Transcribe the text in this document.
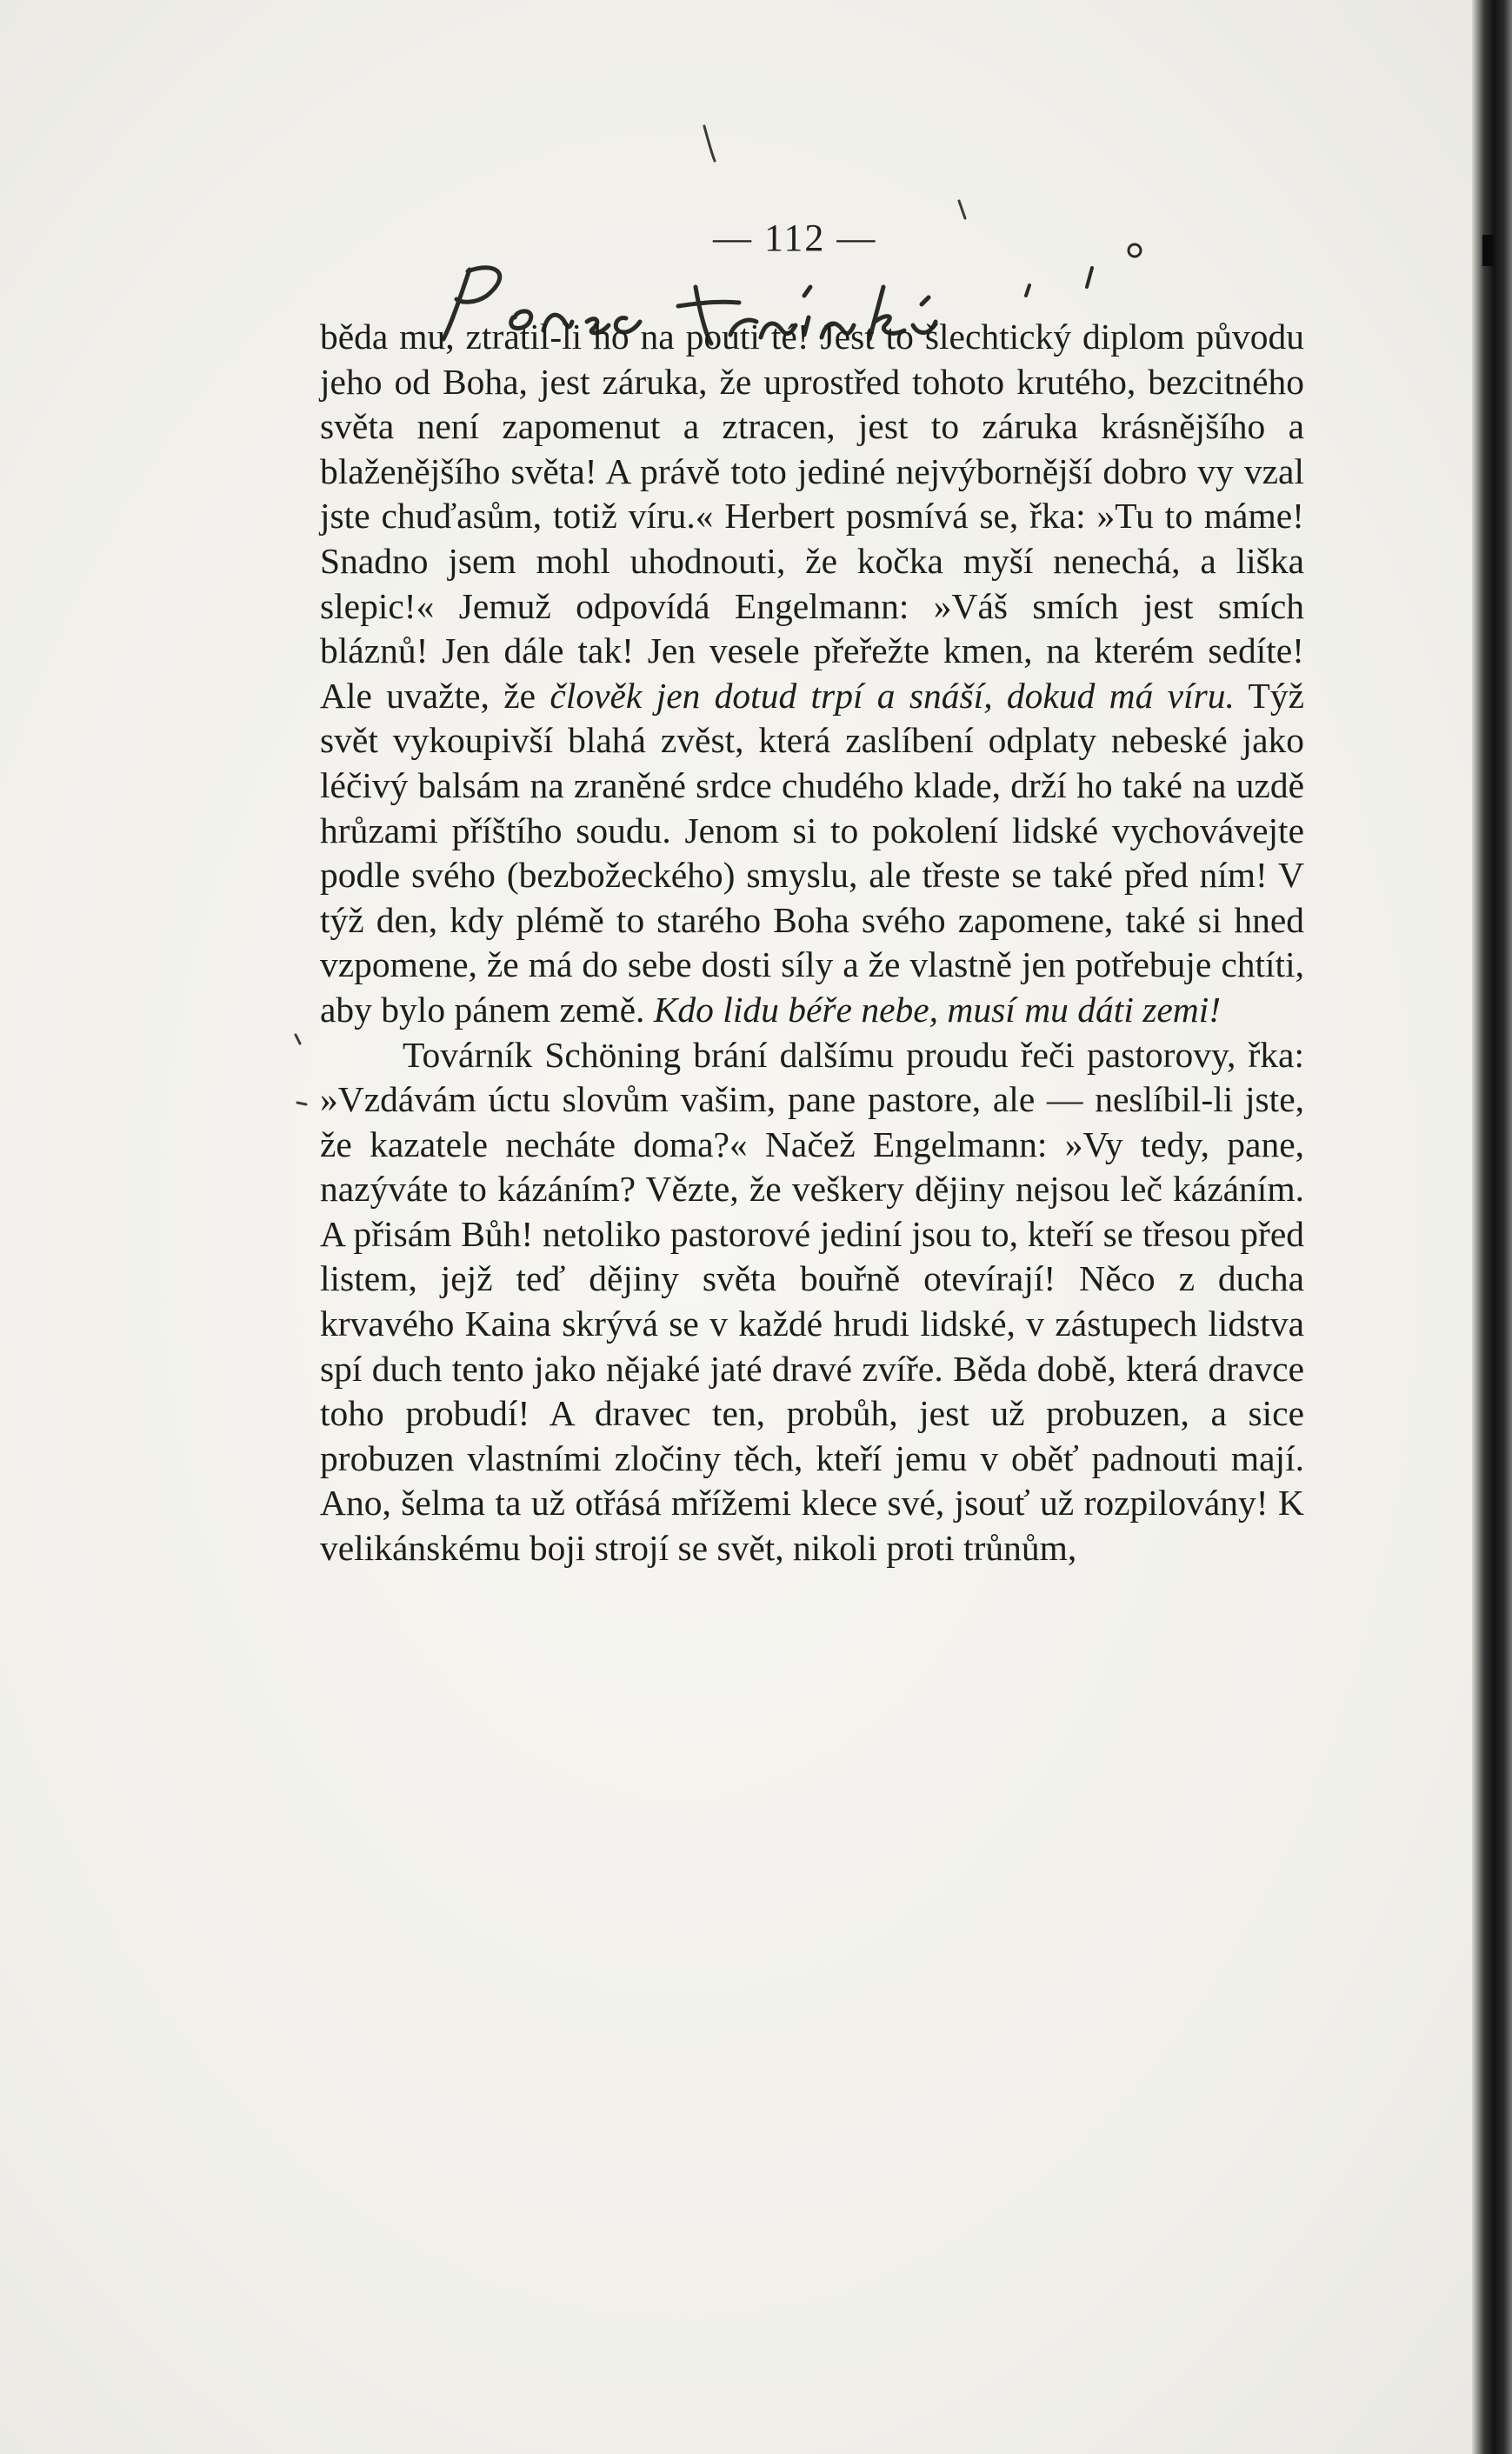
— 112 —

běda mu, ztratil-li ho na pouti té! Jest to šlechtický diplom původu jeho od Boha, jest záruka, že uprostřed tohoto krutého, bezcitného světa není zapomenut a ztracen, jest to záruka krásnějšího a blaženějšího světa! A právě toto jediné nejvýbornější dobro vy vzal jste chuďasům, totiž víru.« Herbert posmívá se, řka: »Tu to máme! Snadno jsem mohl uhodnouti, že kočka myší nenechá, a liška slepic!« Jemuž odpovídá Engelmann: »Váš smích jest smích bláznů! Jen dále tak! Jen vesele přeřežte kmen, na kterém sedíte! Ale uvažte, že člověk jen dotud trpí a snáší, dokud má víru. Týž svět vykoupivší blahá zvěst, která zaslíbení odplaty nebeské jako léčivý balsám na zraněné srdce chudého klade, drží ho také na uzdě hrůzami příštího soudu. Jenom si to pokolení lidské vychovávejte podle svého (bezbožeckého) smyslu, ale třeste se také před ním! V týž den, kdy plémě to starého Boha svého zapomene, také si hned vzpomene, že má do sebe dosti síly a že vlastně jen potřebuje chtíti, aby bylo pánem země. Kdo lidu béře nebe, musí mu dáti zemi!

Továrník Schöning brání dalšímu proudu řeči pastorovy, řka: »Vzdávám úctu slovům vašim, pane pastore, ale — neslíbil-li jste, že kazatele necháte doma?« Načež Engelmann: »Vy tedy, pane, nazýváte to kázáním? Vězte, že veškery dějiny nejsou leč kázáním. A přisám Bůh! netoliko pastorové jediní jsou to, kteří se třesou před listem, jejž teď dějiny světa bouřně otevírají! Něco z ducha krvavého Kaina skrývá se v každé hrudi lidské, v zástupech lidstva spí duch tento jako nějaké jaté dravé zvíře. Běda době, která dravce toho probudí! A dravec ten, probůh, jest už probuzen, a sice probuzen vlastními zločiny těch, kteří jemu v oběť padnouti mají. Ano, šelma ta už otřásá mřížemi klece své, jsouť už rozpilovány! K velikánskému boji strojí se svět, nikoli proti trůnům,
